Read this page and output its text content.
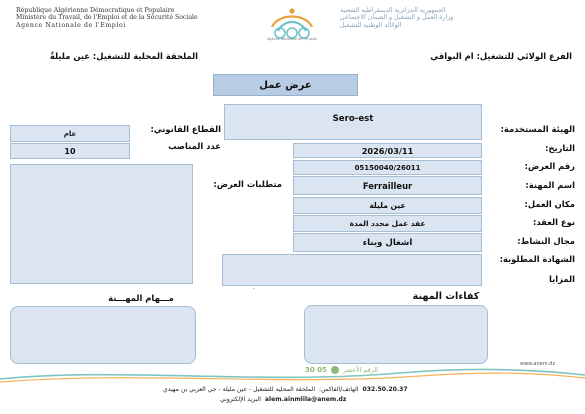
République Algérienne Démocratique et Populaire
Ministère du Travail, de l'Emploi et de la Sécurité Sociale
Agence Nationale de l'Emploi
Agence Nationale de l'Emploi
الجمهورية الجزائرية الديمقراطية الشعبية
وزارة العمل و التشغيل و الضمان الاجتماعي
الوكالة الوطنية للتشغيل
الفرع الولائي للتشغيل: ام البواقي
الملحقة المحلية للتشغيل: عين مليلةٌ
عرض عمل
الهيئة المستخدمة:
التاريخ:
رقم العرض:
اسم المهنة:
مكان العمل:
نوع العقد:
مجال النشاط:
الشهادة المطلوبة:
المزايا
Sero-est
2026/03/11
05150040/26011
Ferrailleur
عين مليلة
عقد عمل محدد المدة
اشغال وبناء
القطاع القانوني:
عدد المناصب
عام
10
متطلبات العرض:
مـــهام المهـــنة
·
كفاءات المهنة
www.anem.dz
30 05	الرقم الأخضر
032.50.20.37
الهاتف/الفاكس:
الملحقة المحلية للتشغيل - عين مليلة - حي العربي بن مهيدي
alem.ainmlila@anem.dz
البريد الإلكتروني
